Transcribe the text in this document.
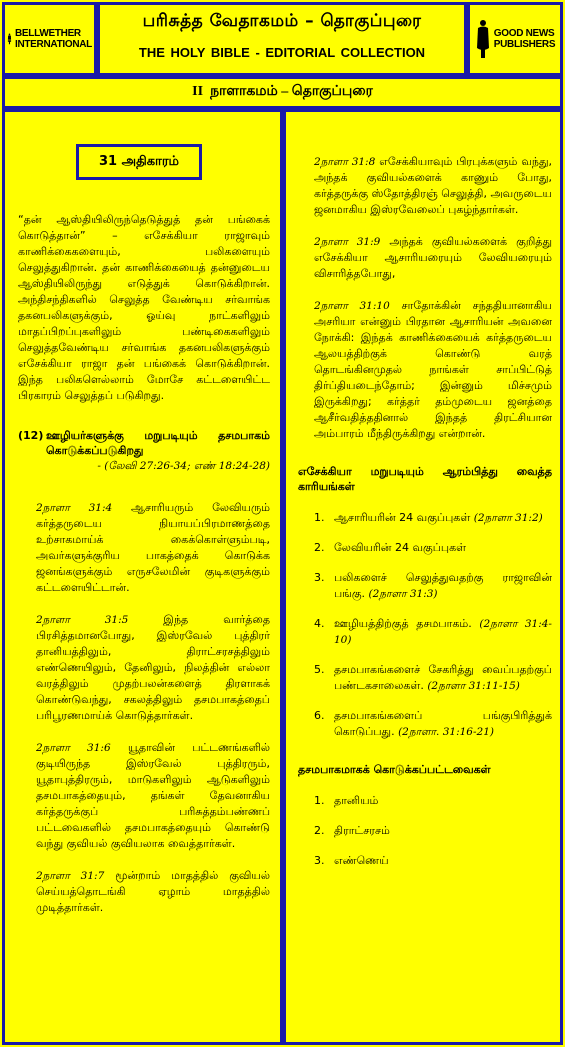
BELLWETHER
INTERNATIONAL
பரிசுத்த வேதாகமம் – தொகுப்புரை
THE HOLY BIBLE - EDITORIAL COLLECTION
GOOD NEWS
PUBLISHERS
II நாளாகமம் – தொகுப்புரை

“தன் ஆஸ்தியிலிருந்தெடுத்துத் தன் பங்கைக் கொடுத்தான்” – எசேக்கியா ராஜாவும் காணிக்கைகளையும், பலிகளையும் செலுத்துகிறான். தன் காணிக்கையைத் தன்னுடைய ஆஸ்தியிலிருந்து எடுத்துக் கொடுக்கிறான். அந்திசந்திகளில் செலுத்த வேண்டிய சர்வாங்க தகனபலிகளுக்கும், ஓய்வு நாட்களிலும் மாதப்பிறப்புகளிலும் பண்டிகைகளிலும் செலுத்தவேண்டிய சர்வாங்க தகனபலிகளுக்கும் எசேக்கியா ராஜா தன் பங்கைக் கொடுக்கிறான். இந்த பலிகளெல்லாம் மோசே கட்டளையிட்ட பிரகாரம் செலுத்தப் படுகிறது.

(12) ஊழியர்களுக்கு மறுபடியும் தசமபாகம் கொடுக்கப்படுகிறது
- (லேவி 27:26-34; எண் 18:24-28)

2நாளா 31:4 ஆசாரியரும் லேவியரும் கர்த்தருடைய நியாயப்பிரமாணத்தை உற்சாகமாய்க் கைக்கொள்ளும்படி, அவர்களுக்குரிய பாகத்தைக் கொடுக்க ஜனங்களுக்கும் எருசலேமின் குடிகளுக்கும் கட்டளையிட்டான்.

2நாளா 31:5 இந்த வார்த்தை பிரசித்தமானபோது, இஸ்ரவேல் புத்திரர் தானியத்திலும், திராட்சரசத்திலும் எண்ணெயிலும், தேனிலும், நிலத்தின் எல்லா வரத்திலும் முதற்பலன்களைத் திரளாகக் கொண்டுவந்து, சகலத்திலும் தசமபாகத்தைப் பரிபூரணமாய்க் கொடுத்தார்கள்.

2நாளா 31:6 யூதாவின் பட்டணங்களில் குடியிருந்த இஸ்ரவேல் புத்திரரும், யூதாபுத்திரரும், மாடுகளிலும் ஆடுகளிலும் தசமபாகத்தையும், தங்கள் தேவனாகிய கர்த்தருக்குப் பரிசுத்தம்பண்ணப் பட்டவைகளில் தசமபாகத்தையும் கொண்டு வந்து குவியல் குவியலாக வைத்தார்கள்.

2நாளா 31:7 மூன்றாம் மாதத்தில் குவியல் செய்யத்தொடங்கி ஏழாம் மாதத்தில் முடித்தார்கள்.

31 அதிகாரம்	2நாளா 31:8 எசேக்கியாவும் பிரபுக்களும் வந்து, அந்தக் குவியல்களைக் காணும் போது, கர்த்தருக்கு ஸ்தோத்திரஞ் செலுத்தி, அவருடைய ஜனமாகிய இஸ்ரவேலைப் புகழ்ந்தார்கள்.

2நாளா 31:9 அந்தக் குவியல்களைக் குறித்து எசேக்கியா ஆசாரியரையும் லேவியரையும் விசாரித்தபோது,

2நாளா 31:10 சாதோக்கின் சந்ததியானாகிய அசரியா என்னும் பிரதான ஆசாரியன் அவனை நோக்கி: இந்தக் காணிக்கையைக் கர்த்தருடைய ஆலயத்திற்குக் கொண்டு வரத் தொடங்கினமுதல் நாங்கள் சாப்பிட்டுத் திர்ப்தியடைந்தோம்; இன்னும் மிச்சமும் இருக்கிறது; கர்த்தர் தம்முடைய ஜனத்தை ஆசீர்வதித்ததினால் இந்தத் திரட்சியான அம்பாரம் மீந்திருக்கிறது என்றான்.

எசேக்கியா மறுபடியும் ஆரம்பித்து வைத்த காரியங்கள்
1. ஆசாரியரின் 24 வகுப்புகள் (2நாளா 31:2)
2. லேவியரின் 24 வகுப்புகள்
3. பலிகளைச் செலுத்துவதற்கு ராஜாவின் பங்கு. (2நாளா 31:3)
4. ஊழியத்திற்குத் தசமபாகம். (2நாளா 31:4-10)
5. தசமபாகங்களைச் சேகரித்து வைப்பதற்குப் பண்டகசாலைகள். (2நாளா 31:11-15)
6. தசமபாகங்களைப் பங்குபிரித்துக் கொடுப்பது. (2நாளா. 31:16-21)
தசமபாகமாகக் கொடுக்கப்பட்டவைகள்
1. தானியம்
2. திராட்சரசம்
3. எண்ணெய்
